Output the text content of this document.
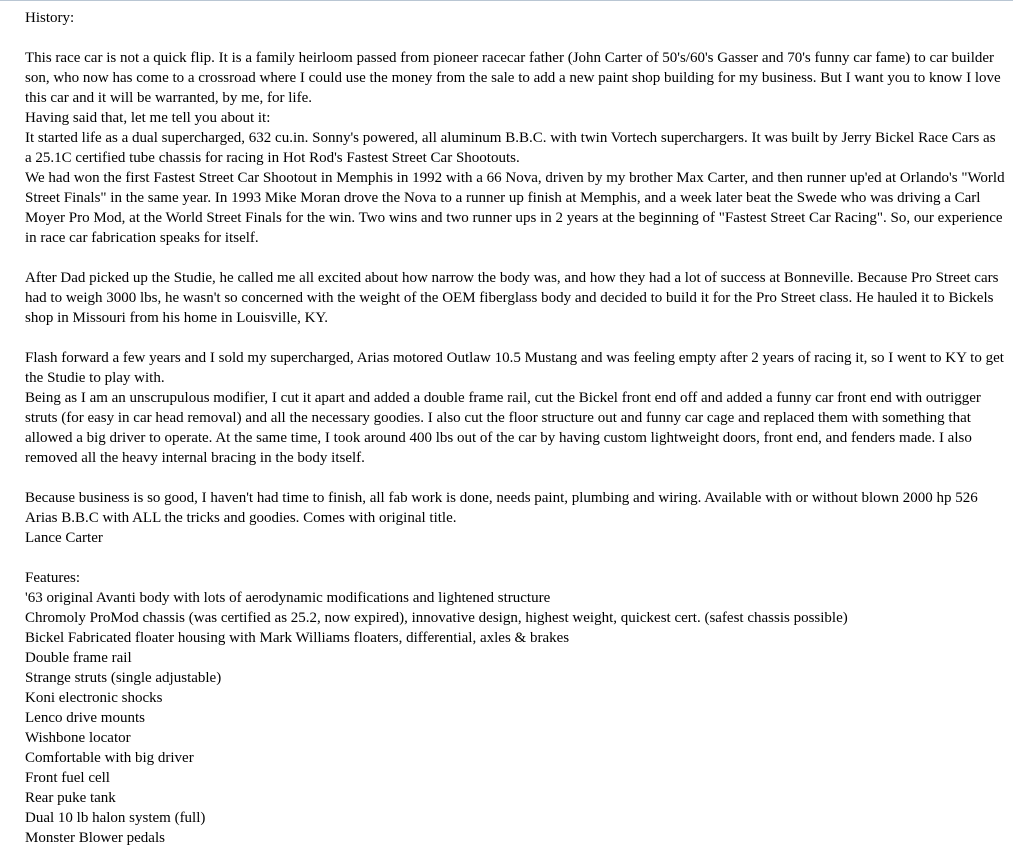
History:

This race car is not a quick flip. It is a family heirloom passed from pioneer racecar father (John Carter of 50's/60's Gasser and 70's funny car fame) to car builder son, who now has come to a crossroad where I could use the money from the sale to add a new paint shop building for my business. But I want you to know I love this car and it will be warranted, by me, for life.

Having said that, let me tell you about it:

It started life as a dual supercharged, 632 cu.in. Sonny's powered, all aluminum B.B.C. with twin Vortech superchargers. It was built by Jerry Bickel Race Cars as a 25.1C certified tube chassis for racing in Hot Rod's Fastest Street Car Shootouts.

We had won the first Fastest Street Car Shootout in Memphis in 1992 with a 66 Nova, driven by my brother Max Carter, and then runner up'ed at Orlando's "World Street Finals" in the same year. In 1993 Mike Moran drove the Nova to a runner up finish at Memphis, and a week later beat the Swede who was driving a Carl Moyer Pro Mod, at the World Street Finals for the win. Two wins and two runner ups in 2 years at the beginning of "Fastest Street Car Racing". So, our experience in race car fabrication speaks for itself.

After Dad picked up the Studie, he called me all excited about how narrow the body was, and how they had a lot of success at Bonneville. Because Pro Street cars had to weigh 3000 lbs, he wasn't so concerned with the weight of the OEM fiberglass body and decided to build it for the Pro Street class. He hauled it to Bickels shop in Missouri from his home in Louisville, KY.

Flash forward a few years and I sold my supercharged, Arias motored Outlaw 10.5 Mustang and was feeling empty after 2 years of racing it, so I went to KY to get the Studie to play with.

Being as I am an unscrupulous modifier, I cut it apart and added a double frame rail, cut the Bickel front end off and added a funny car front end with outrigger struts (for easy in car head removal) and all the necessary goodies. I also cut the floor structure out and funny car cage and replaced them with something that allowed a big driver to operate. At the same time, I took around 400 lbs out of the car by having custom lightweight doors, front end, and fenders made. I also removed all the heavy internal bracing in the body itself.

Because business is so good, I haven't had time to finish, all fab work is done, needs paint, plumbing and wiring. Available with or without blown 2000 hp 526 Arias B.B.C with ALL the tricks and goodies. Comes with original title.

Lance Carter

Features:

'63 original Avanti body with lots of aerodynamic modifications and lightened structure

Chromoly ProMod chassis (was certified as 25.2, now expired), innovative design, highest weight, quickest cert. (safest chassis possible)

Bickel Fabricated floater housing with Mark Williams floaters, differential, axles & brakes

Double frame rail

Strange struts (single adjustable)

Koni electronic shocks

Lenco drive mounts

Wishbone locator

Comfortable with big driver

Front fuel cell

Rear puke tank

Dual 10 lb halon system (full)

Monster Blower pedals
